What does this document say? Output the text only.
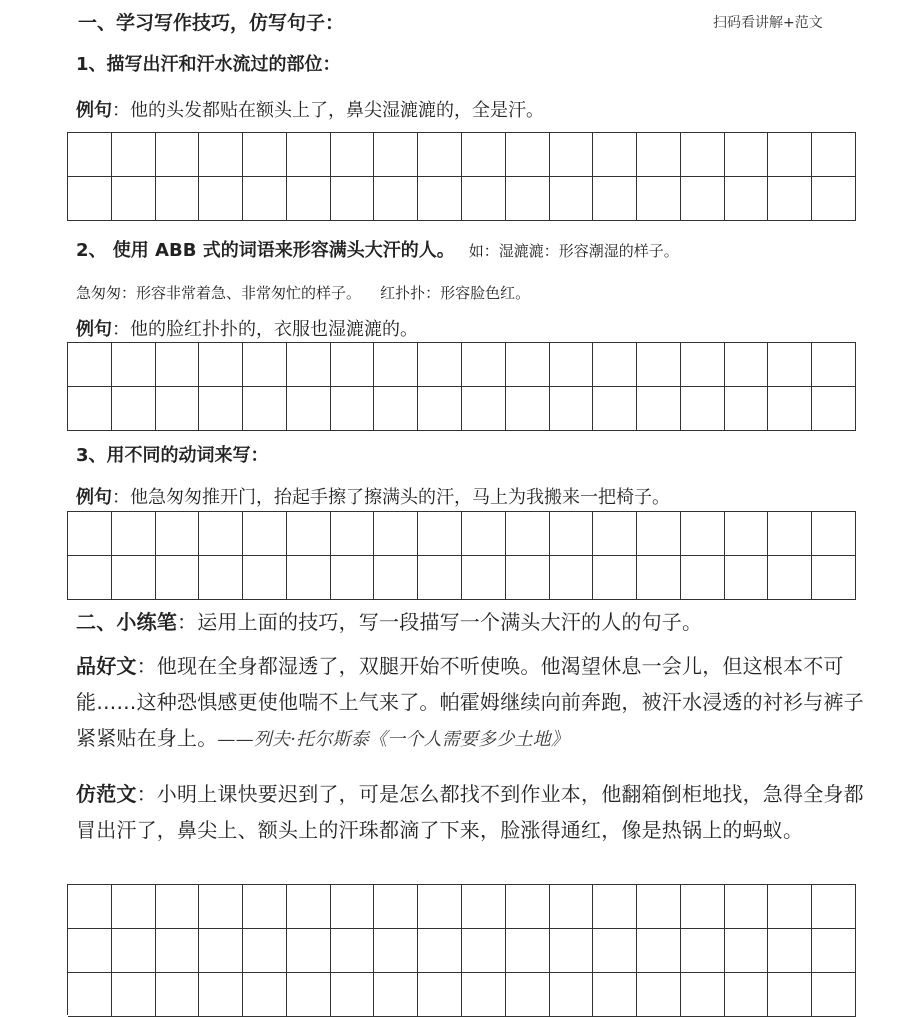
一、学习写作技巧，仿写句子：	扫码看讲解+范文
1、描写出汗和汗水流过的部位：
例句：他的头发都贴在额头上了，鼻尖湿漉漉的，全是汗。
2、 使用 ABB 式的词语来形容满头大汗的人。 如：湿漉漉：形容潮湿的样子。
急匆匆：形容非常着急、非常匆忙的样子。    红扑扑：形容脸色红。
例句：他的脸红扑扑的，衣服也湿漉漉的。
3、用不同的动词来写：
例句：他急匆匆推开门，抬起手擦了擦满头的汗，马上为我搬来一把椅子。
二、小练笔：运用上面的技巧，写一段描写一个满头大汗的人的句子。
品好文：他现在全身都湿透了，双腿开始不听使唤。他渴望休息一会儿，但这根本不可能……这种恐惧感更使他喘不上气来了。帕霍姆继续向前奔跑，被汗水浸透的衬衫与裤子紧紧贴在身上。——列夫·托尔斯泰《一个人需要多少土地》
仿范文：小明上课快要迟到了，可是怎么都找不到作业本，他翻箱倒柜地找，急得全身都冒出汗了，鼻尖上、额头上的汗珠都滴了下来，脸涨得通红，像是热锅上的蚂蚁。
